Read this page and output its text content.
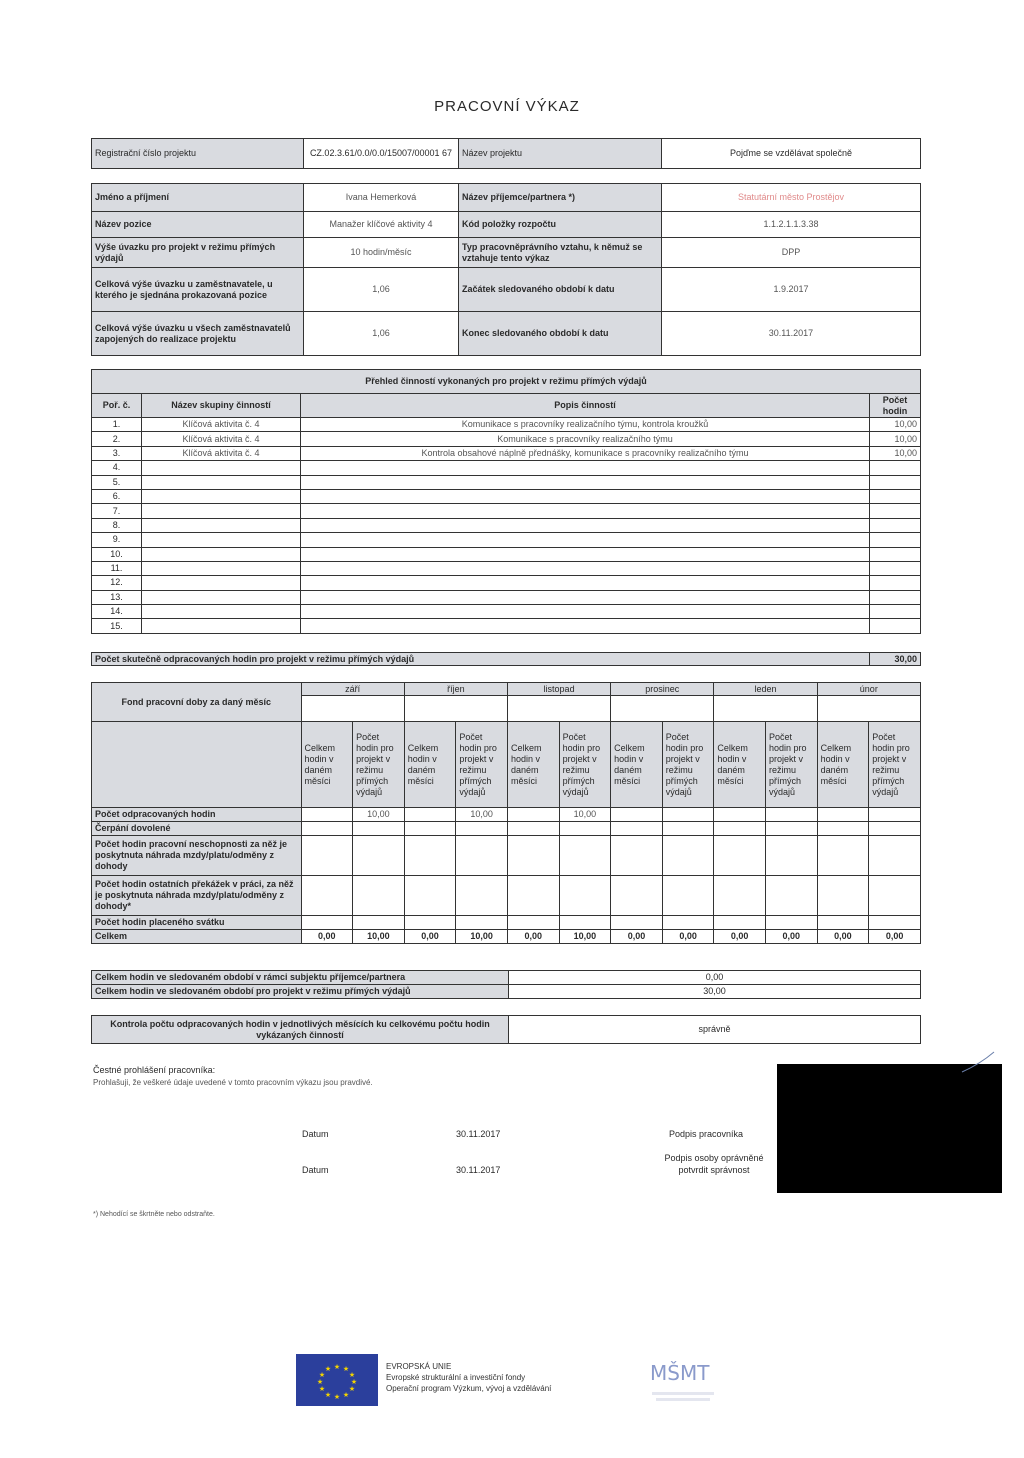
PRACOVNÍ VÝKAZ
Registrační číslo projektu	CZ.02.3.61/0.0/0.0/15007/00001 67	Název projektu	Pojďme se vzdělávat společně
Jméno a příjmení	Ivana Hemerková	Název příjemce/partnera *)	Statutární město Prostějov
Název pozice	Manažer klíčové aktivity 4	Kód položky rozpočtu	1.1.2.1.1.3.38
Výše úvazku pro projekt v režimu přímých výdajů	10 hodin/měsíc	Typ pracovněprávního vztahu, k němuž se vztahuje tento výkaz	DPP
Celková výše úvazku u zaměstnavatele, u kterého je sjednána prokazovaná pozice	1,06	Začátek sledovaného období k datu	1.9.2017
Celková výše úvazku u všech zaměstnavatelů zapojených do realizace projektu	1,06	Konec sledovaného období k datu	30.11.2017
Přehled činností vykonaných pro projekt v režimu přímých výdajů			
Poř. č.	Název skupiny činností	Popis činností	Počet hodin
1.	Klíčová aktivita č. 4	Komunikace s pracovníky realizačního týmu, kontrola kroužků	10,00
2.	Klíčová aktivita č. 4	Komunikace s pracovníky realizačního týmu	10,00
3.	Klíčová aktivita č. 4	Kontrola obsahové náplně přednášky, komunikace s pracovníky realizačního týmu	10,00
4.			
5.			
6.			
7.			
8.			
9.			
10.			
11.			
12.			
13.			
14.			
15.			
Počet skutečně odpracovaných hodin pro projekt v režimu přímých výdajů	30,00
Fond pracovní doby za daný měsíc	září		říjen		listopad		prosinec		leden		únor	

	Celkem hodin v daném měsíci	Počet hodin pro projekt v režimu přímých výdajů	Celkem hodin v daném měsíci	Počet hodin pro projekt v režimu přímých výdajů	Celkem hodin v daném měsíci	Počet hodin pro projekt v režimu přímých výdajů	Celkem hodin v daném měsíci	Počet hodin pro projekt v režimu přímých výdajů	Celkem hodin v daném měsíci	Počet hodin pro projekt v režimu přímých výdajů	Celkem hodin v daném měsíci	Počet hodin pro projekt v režimu přímých výdajů
Počet odpracovaných hodin		10,00		10,00		10,00						
Čerpání dovolené												
Počet hodin pracovní neschopnosti za něž je poskytnuta náhrada mzdy/platu/odměny z dohody												
Počet hodin ostatních překážek v práci, za něž je poskytnuta náhrada mzdy/platu/odměny z dohody*												
Počet hodin placeného svátku												
Celkem	0,00	10,00	0,00	10,00	0,00	10,00	0,00	0,00	0,00	0,00	0,00	0,00
Celkem hodin ve sledovaném období v rámci subjektu příjemce/partnera	0,00
Celkem hodin ve sledovaném období pro projekt v režimu přímých výdajů	30,00
Kontrola počtu odpracovaných hodin v jednotlivých měsících ku celkovému počtu hodin vykázaných činností	správně
Čestné prohlášení pracovníka:
Prohlašuji, že veškeré údaje uvedené v tomto pracovním výkazu jsou pravdivé.
Datum	30.11.2017	Podpis pracovníka
Datum	30.11.2017
Podpis osoby oprávněné potvrdit správnost
*) Nehodící se škrtněte nebo odstraňte.
★ ★
★
★
★
★
★
★
★
★
★
★	EVROPSKÁ UNIE
Evropské strukturální a investiční fondy
Operační program Výzkum, vývoj a vzdělávání
MŠMT
